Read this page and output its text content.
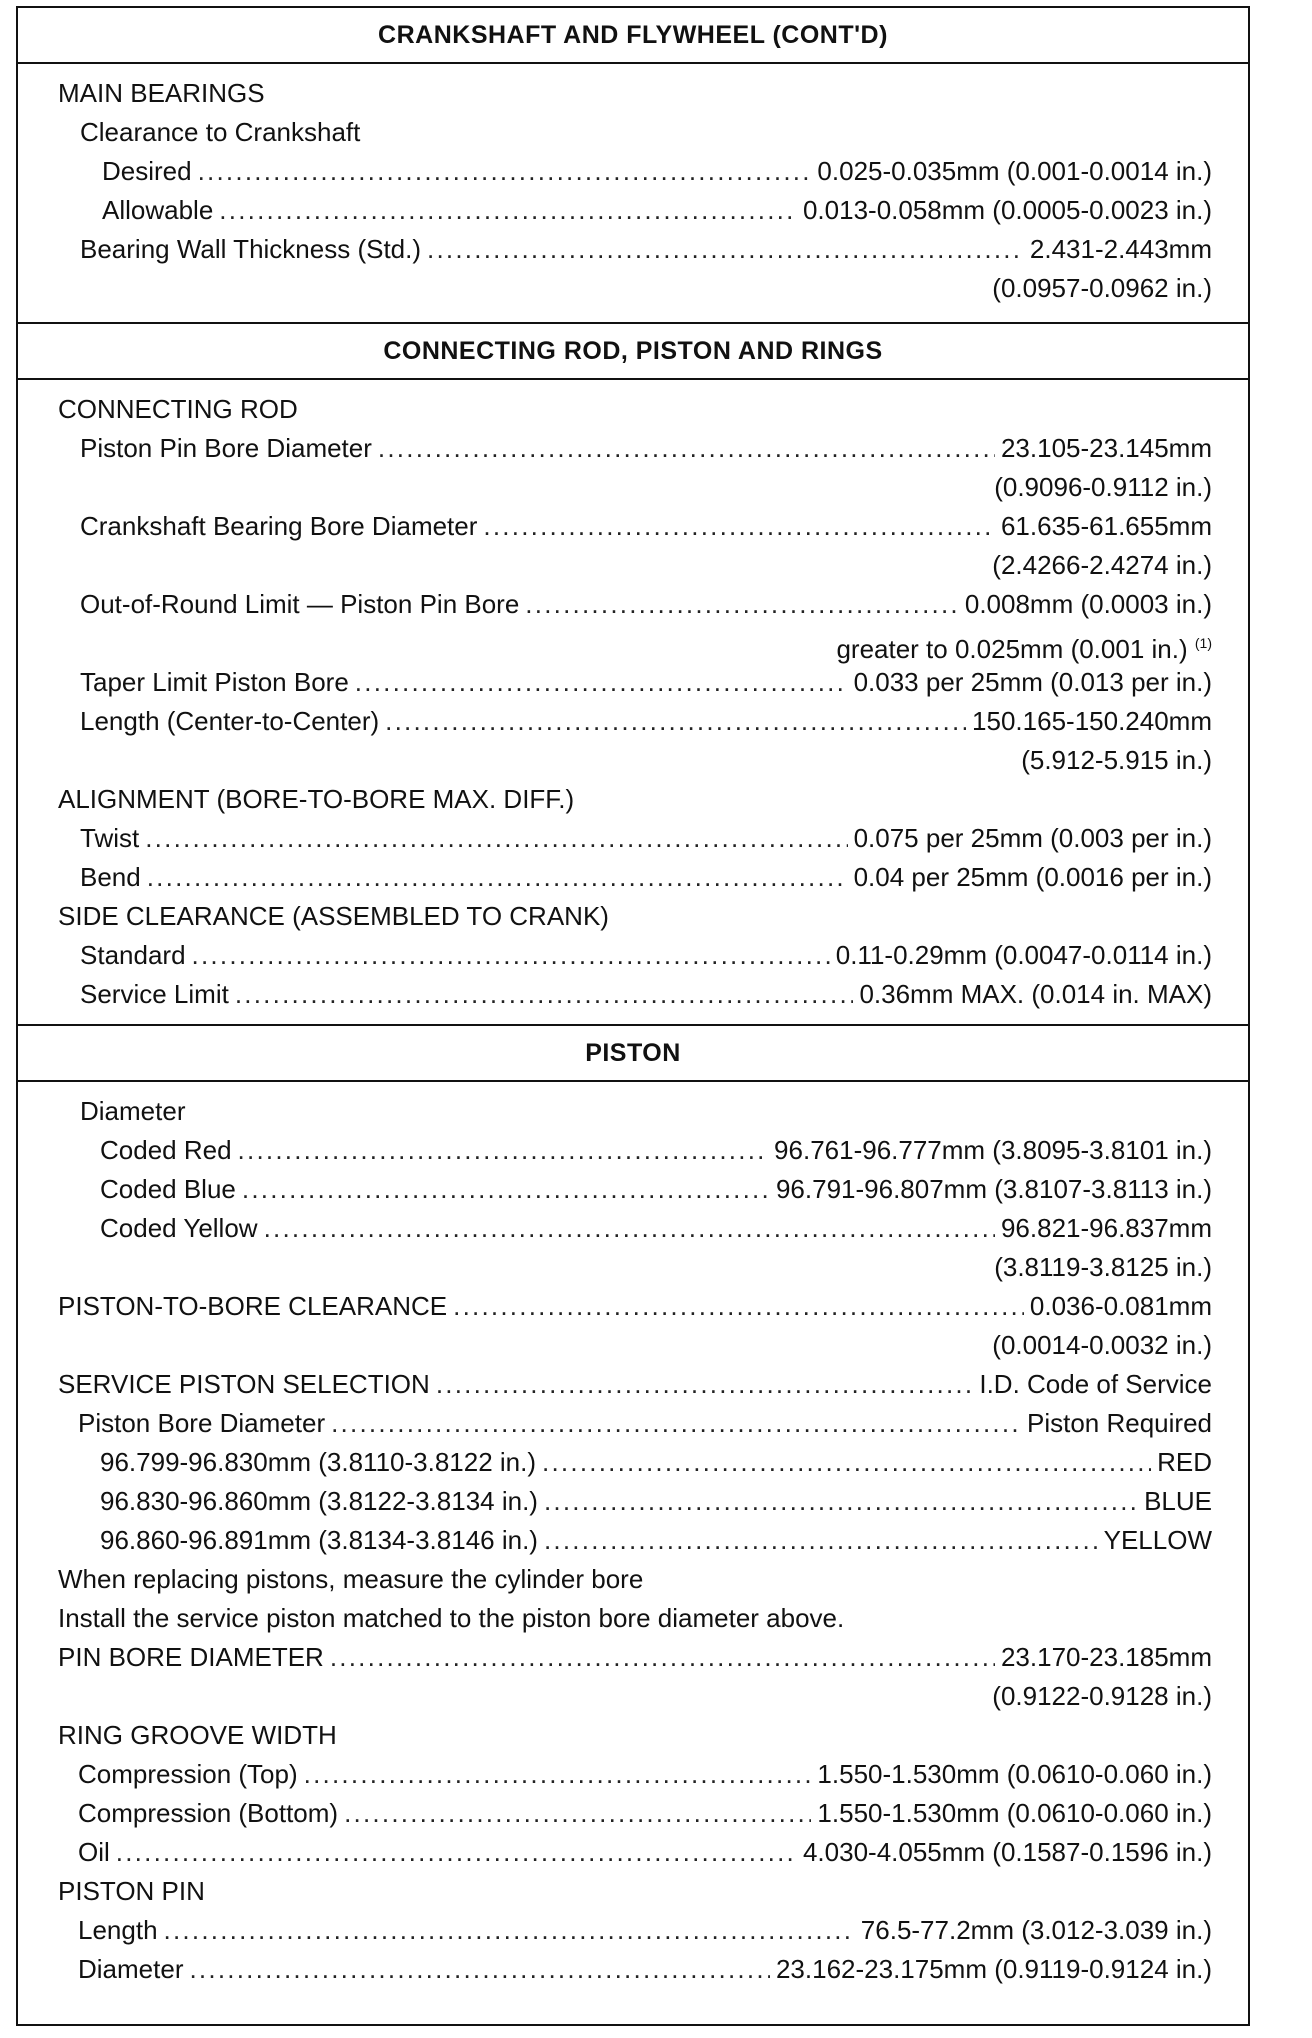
CRANKSHAFT AND FLYWHEEL (CONT'D)
MAIN BEARINGS
Clearance to Crankshaft
Desired . . .	0.025-0.035mm (0.001-0.0014 in.)
Allowable . . .	0.013-0.058mm (0.0005-0.0023 in.)
Bearing Wall Thickness (Std.) . . .	2.431-2.443mm
(0.0957-0.0962 in.)
CONNECTING ROD, PISTON AND RINGS
CONNECTING ROD
Piston Pin Bore Diameter . . .	23.105-23.145mm
(0.9096-0.9112 in.)
Crankshaft Bearing Bore Diameter . . .	61.635-61.655mm
(2.4266-2.4274 in.)
Out-of-Round Limit — Piston Pin Bore . . .	0.008mm (0.0003 in.)
greater to 0.025mm (0.001 in.) $^{(1)}$
Taper Limit Piston Bore . . .	0.033 per 25mm (0.013 per in.)
Length (Center-to-Center) . . .	150.165-150.240mm
(5.912-5.915 in.)
ALIGNMENT (BORE-TO-BORE MAX. DIFF.)
Twist . . .	0.075 per 25mm (0.003 per in.)
Bend . . .	0.04 per 25mm (0.0016 per in.)
SIDE CLEARANCE (ASSEMBLED TO CRANK)
Standard . . .	0.11-0.29mm (0.0047-0.0114 in.)
Service Limit . . .	0.36mm MAX. (0.014 in. MAX)
PISTON
Diameter
Coded Red . . .	96.761-96.777mm (3.8095-3.8101 in.)
Coded Blue . . .	96.791-96.807mm (3.8107-3.8113 in.)
Coded Yellow . . .	96.821-96.837mm
(3.8119-3.8125 in.)
PISTON-TO-BORE CLEARANCE . . .	0.036-0.081mm
(0.0014-0.0032 in.)
SERVICE PISTON SELECTION . . .	I.D. Code of Service
Piston Bore Diameter . . .	Piston Required
96.799-96.830mm (3.8110-3.8122 in.) . . .	RED
96.830-96.860mm (3.8122-3.8134 in.) . . .	BLUE
96.860-96.891mm (3.8134-3.8146 in.) . . .	YELLOW
When replacing pistons, measure the cylinder bore
Install the service piston matched to the piston bore diameter above.
PIN BORE DIAMETER . . .	23.170-23.185mm
(0.9122-0.9128 in.)
RING GROOVE WIDTH
Compression (Top) . . .	1.550-1.530mm (0.0610-0.060 in.)
Compression (Bottom) . . .	1.550-1.530mm (0.0610-0.060 in.)
Oil . . .	4.030-4.055mm (0.1587-0.1596 in.)
PISTON PIN
Length . . .	76.5-77.2mm (3.012-3.039 in.)
Diameter . . .	23.162-23.175mm (0.9119-0.9124 in.)
